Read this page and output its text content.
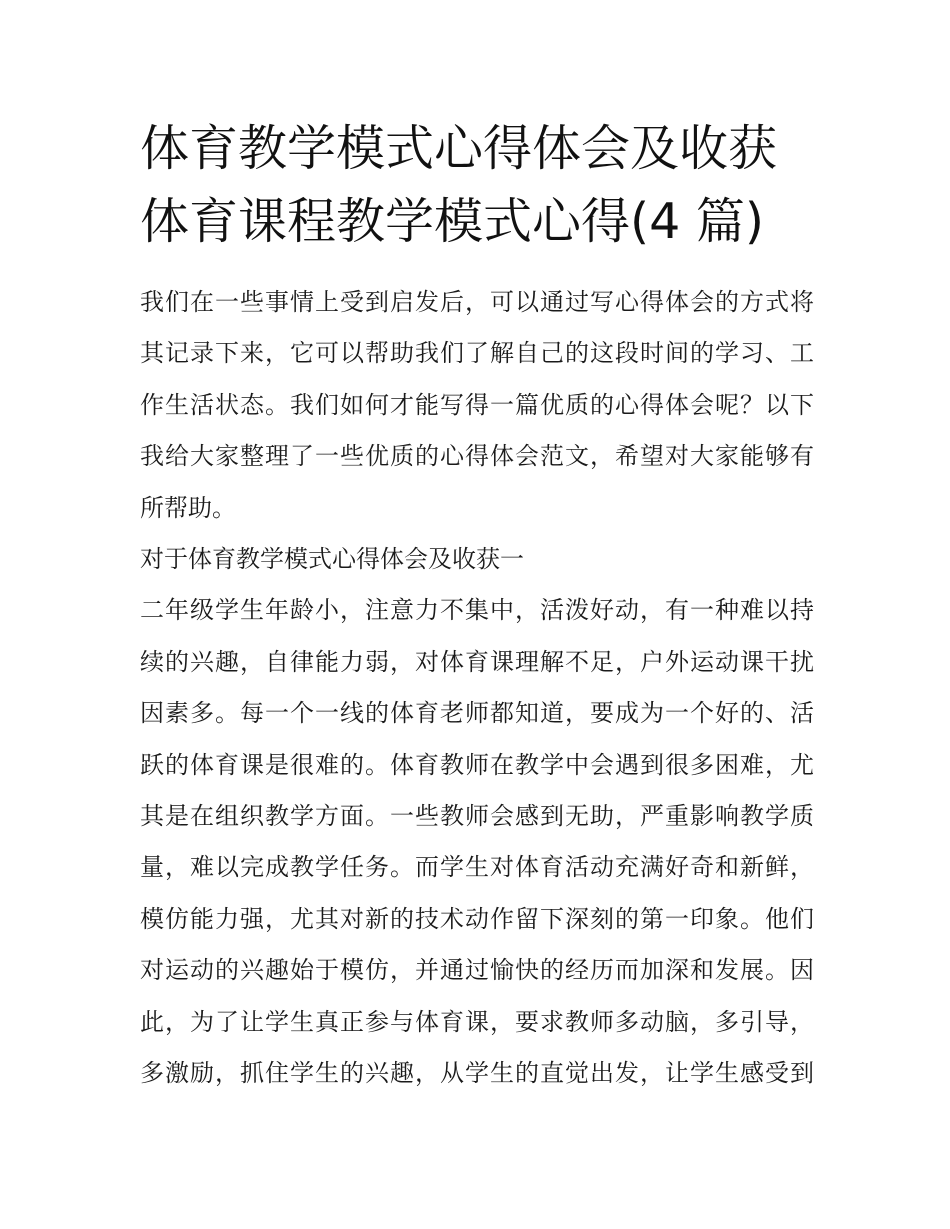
体育教学模式心得体会及收获
体育课程教学模式心得(4 篇)

我们在一些事情上受到启发后，可以通过写心得体会的方式将

其记录下来，它可以帮助我们了解自己的这段时间的学习、工

作生活状态。我们如何才能写得一篇优质的心得体会呢？以下

我给大家整理了一些优质的心得体会范文，希望对大家能够有

所帮助。

对于体育教学模式心得体会及收获一

二年级学生年龄小，注意力不集中，活泼好动，有一种难以持

续的兴趣，自律能力弱，对体育课理解不足，户外运动课干扰

因素多。每一个一线的体育老师都知道，要成为一个好的、活

跃的体育课是很难的。体育教师在教学中会遇到很多困难，尤

其是在组织教学方面。一些教师会感到无助，严重影响教学质

量，难以完成教学任务。而学生对体育活动充满好奇和新鲜，

模仿能力强，尤其对新的技术动作留下深刻的第一印象。他们

对运动的兴趣始于模仿，并通过愉快的经历而加深和发展。因

此，为了让学生真正参与体育课，要求教师多动脑，多引导，

多激励，抓住学生的兴趣，从学生的直觉出发，让学生感受到
